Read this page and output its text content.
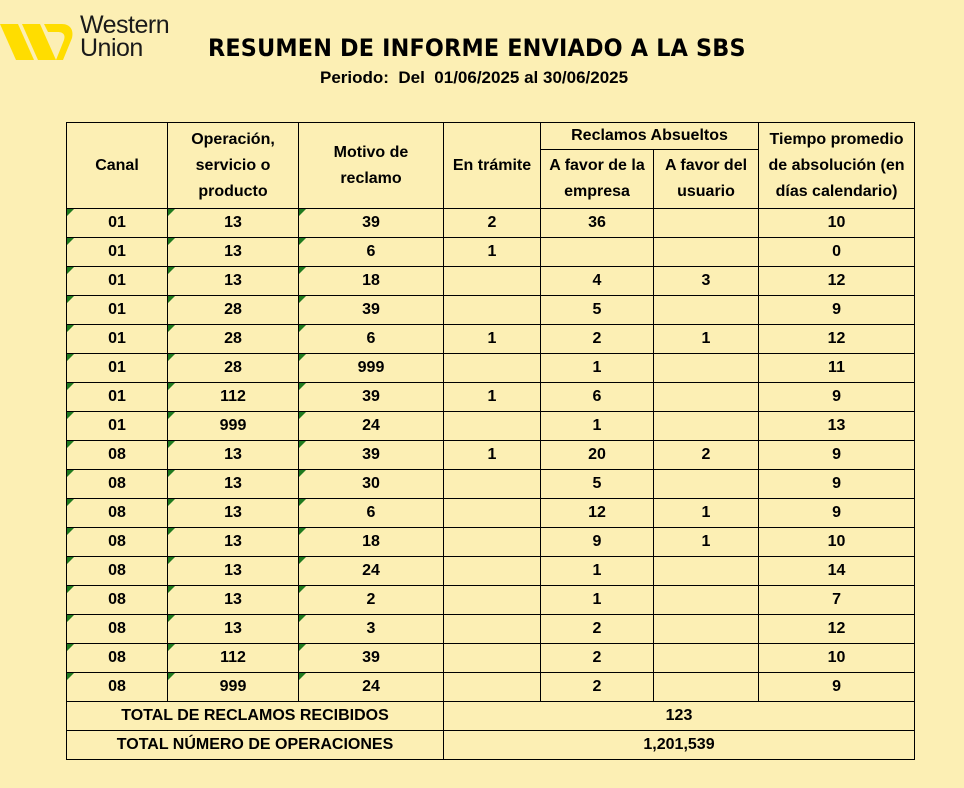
Western
Union	RESUMEN DE INFORME ENVIADO A LA SBS
Periodo:  Del  01/06/2025 al 30/06/2025
Canal	Operación, servicio o producto	Motivo de reclamo	En trámite	Reclamos Absueltos		Tiempo promedio de absolución (en días calendario)
				A favor de la empresa	A favor del usuario	
01	13	39	2	36		10
01	13	6	1			0
01	13	18		4	3	12
01	28	39		5		9
01	28	6	1	2	1	12
01	28	999		1		11
01	112	39	1	6		9
01	999	24		1		13
08	13	39	1	20	2	9
08	13	30		5		9
08	13	6		12	1	9
08	13	18		9	1	10
08	13	24		1		14
08	13	2		1		7
08	13	3		2		12
08	112	39		2		10
08	999	24		2		9
TOTAL DE RECLAMOS RECIBIDOS			123			
TOTAL NÚMERO DE OPERACIONES			1,201,539			
